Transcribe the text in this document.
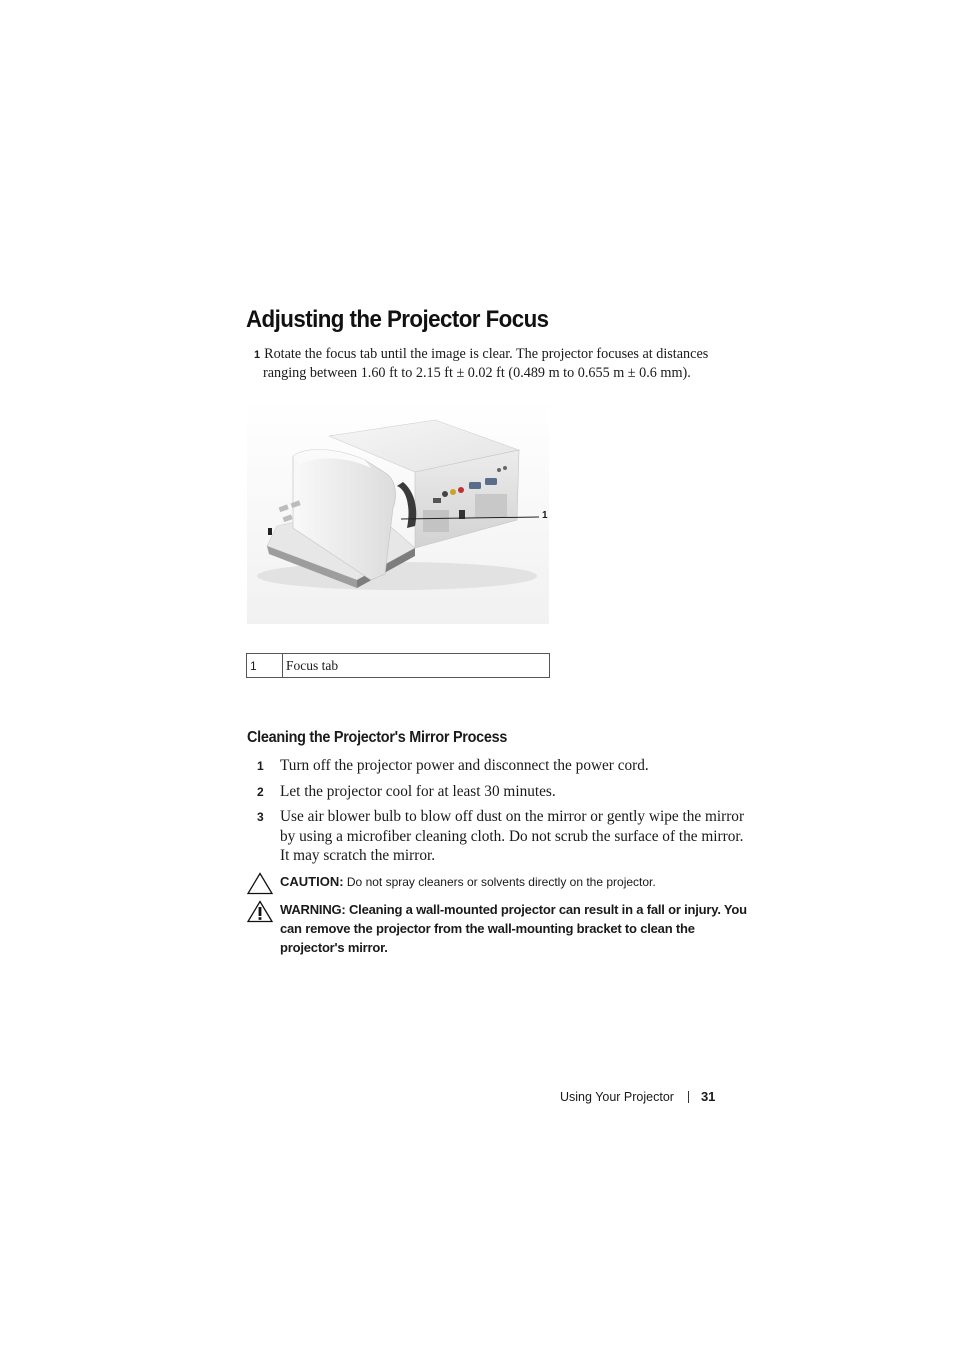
Adjusting the Projector Focus
1 Rotate the focus tab until the image is clear. The projector focuses at distances
ranging between 1.60 ft to 2.15 ft ± 0.02 ft (0.489 m to 0.655 m ± 0.6 mm).
1
1	Focus tab
Cleaning the Projector's Mirror Process
1 Turn off the projector power and disconnect the power cord.
2 Let the projector cool for at least 30 minutes.
3 Use air blower bulb to blow off dust on the mirror or gently wipe the mirror by using a microfiber cleaning cloth. Do not scrub the surface of the mirror. It may scratch the mirror.
CAUTION: Do not spray cleaners or solvents directly on the projector.
WARNING: Cleaning a wall-mounted projector can result in a fall or injury. You can remove the projector from the wall-mounting bracket to clean the projector's mirror.
Using Your Projector 31
